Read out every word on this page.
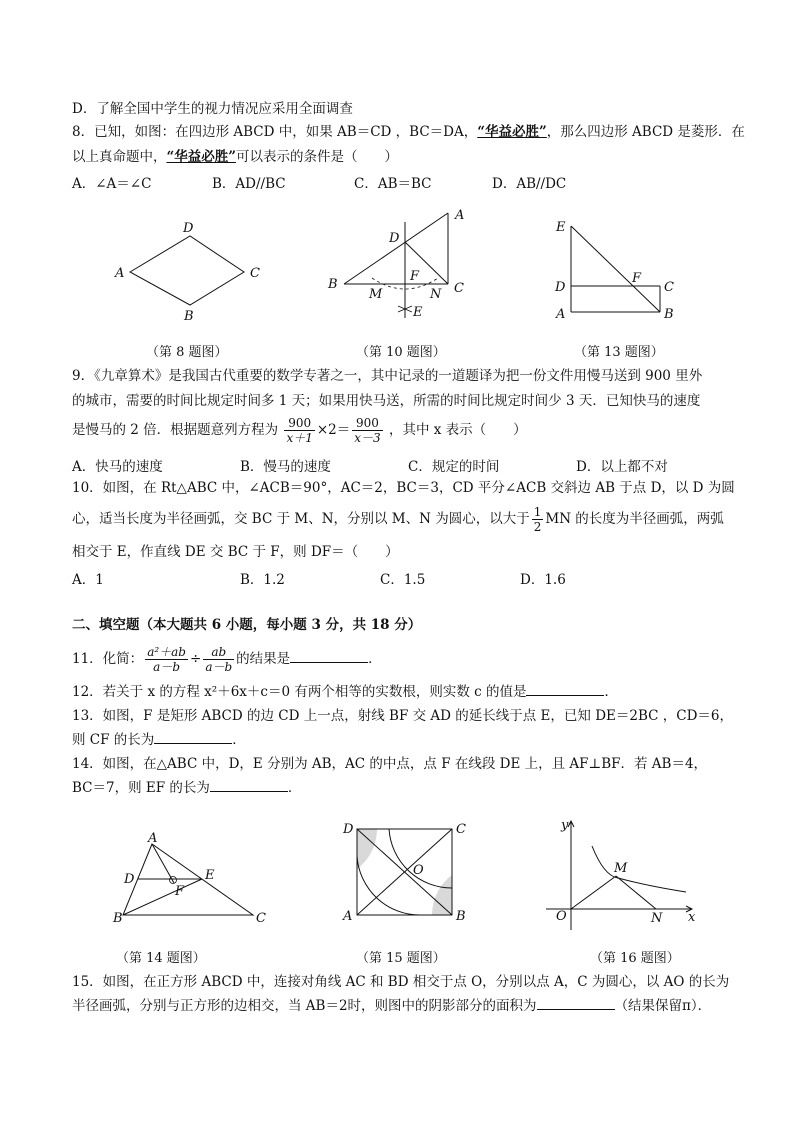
D．了解全国中学生的视力情况应采用全面调查
8．已知，如图：在四边形 ABCD 中，如果 AB＝CD ，BC＝DA，“华益必胜”，那么四边形 ABCD 是菱形．在
以上真命题中，“华益必胜”可以表示的条件是（　　）
A．∠A＝∠C	B．AD//BC	C．AB＝BC	D．AB//DC
D
A	C
B
A
D
B	C
F
M	N
E
E
D
A
C
B
F
（第 8 题图）	（第 10 题图）	（第 13 题图）
9．《九章算术》是我国古代重要的数学专著之一，其中记录的一道题译为把一份文件用慢马送到 900 里外
的城市，需要的时间比规定时间多 1 天；如果用快马送，所需的时间比规定时间少 3 天．已知快马的速度
是慢马的 2 倍．根据题意列方程为 $\frac{900}{x+1} \times 2= \frac{900}{x-3}$ ，其中 x 表示（　　）
A．快马的速度	B．慢马的速度	C．规定的时间	D．以上都不对
10．如图，在 Rt△ABC 中，∠ACB＝90°，AC＝2，BC＝3，CD 平分∠ACB 交斜边 AB 于点 D，以 D 为圆
心，适当长度为半径画弧，交 BC 于 M、N，分别以 M、N 为圆心，以大于 $\frac{1}{2}$ MN 的长度为半径画弧，两弧
相交于 E，作直线 DE 交 BC 于 F，则 DF＝（　　）
A．1	B．1.2	C．1.5	D．1.6
二、填空题（本大题共 6 小题，每小题 3 分，共 18 分）
11．化简： $\frac{\text{a²＋ab}}{a-b} \div \frac{ab}{a-b}$ 的结果是	．
12．若关于 x 的方程 x²＋6x＋c＝0 有两个相等的实数根，则实数 c 的值是	．
13．如图，F 是矩形 ABCD 的边 CD 上一点，射线 BF 交 AD 的延长线于点 E，已知 DE＝2BC ，CD＝6，
则 CF 的长为	．
14．如图，在△ABC 中，D，E 分别为 AB，AC 的中点，点 F 在线段 DE 上，且 AF⊥BF．若 AB＝4，
BC＝7，则 EF 的长为	．
A
D	E
F
B	C
D	C
A	B
O
y
x
O
M
N
（第 14 题图）	（第 15 题图）	（第 16 题图）
15．如图，在正方形 ABCD 中，连接对角线 AC 和 BD 相交于点 O，分别以点 A，C 为圆心，以 AO 的长为
半径画弧，分别与正方形的边相交，当 AB＝2时，则图中的阴影部分的面积为	（结果保留π）．
